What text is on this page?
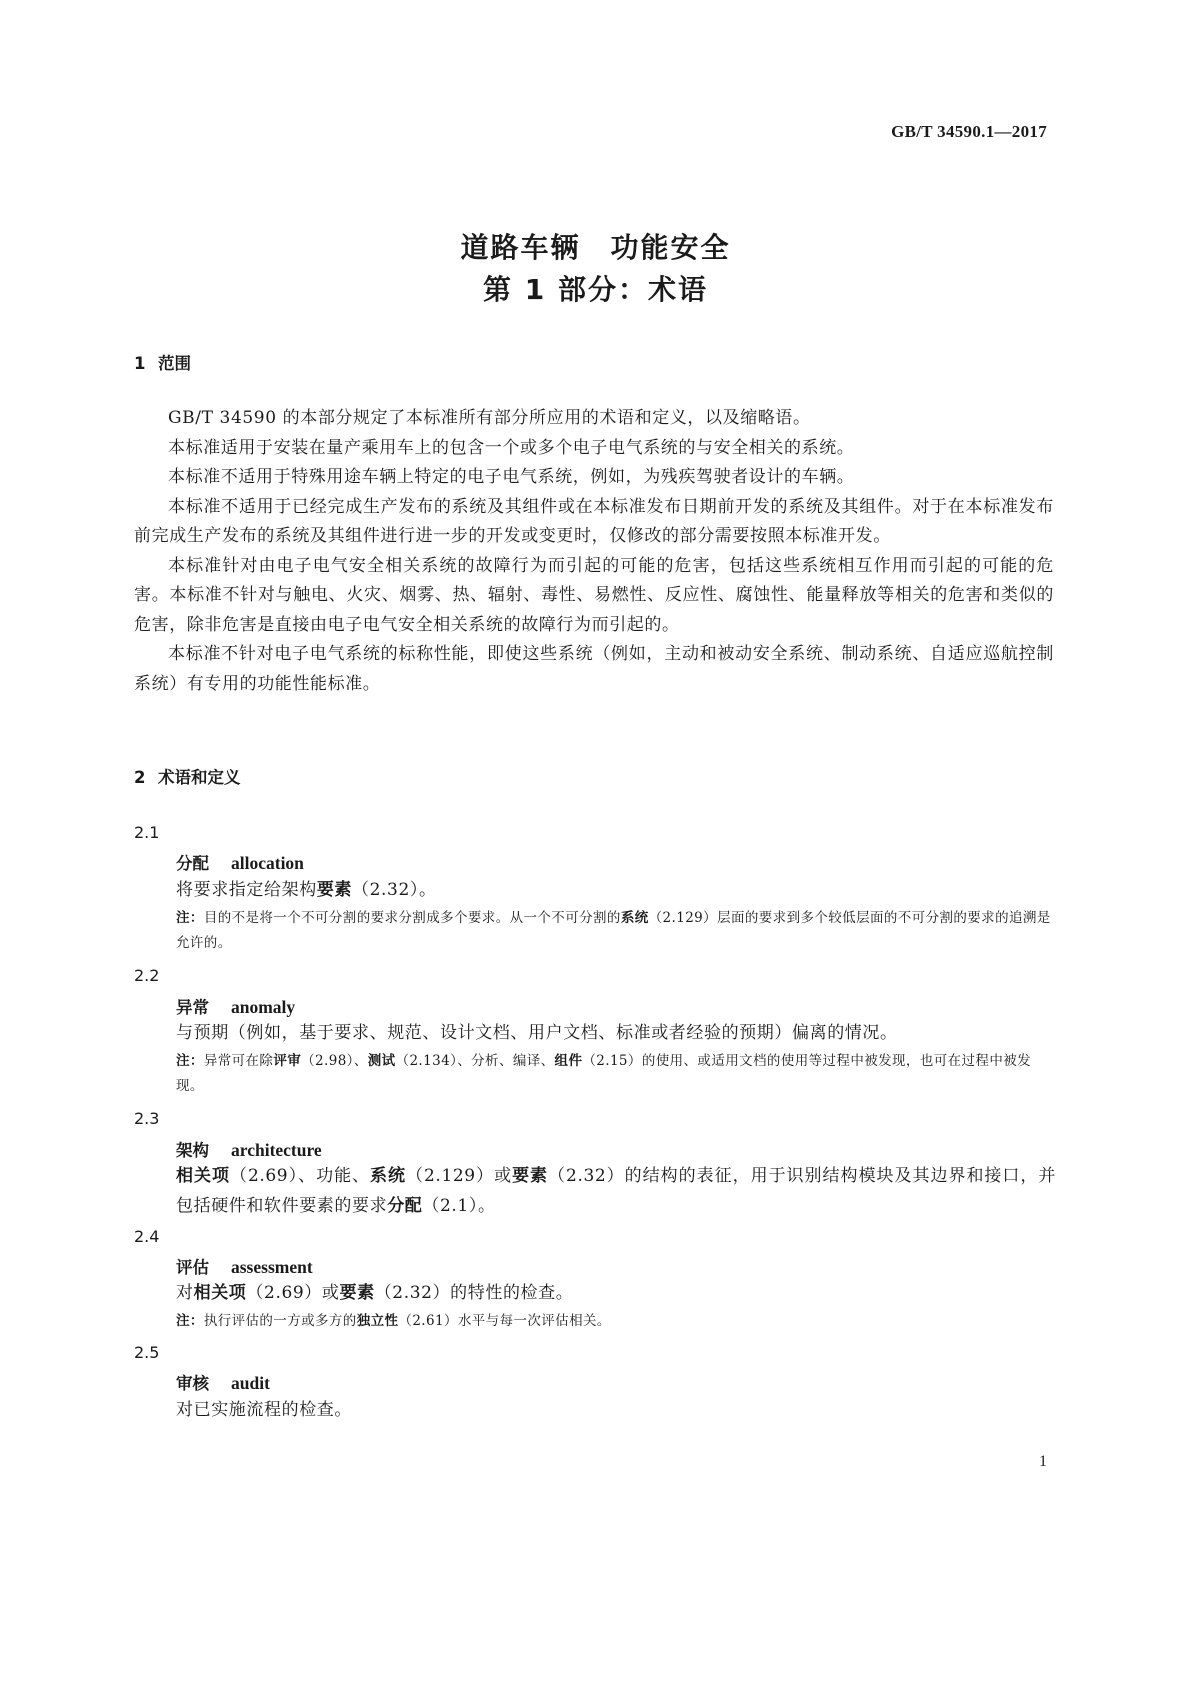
GB/T 34590.1—2017
道路车辆　功能安全
第 1 部分：术语
1 范围

GB/T 34590 的本部分规定了本标准所有部分所应用的术语和定义，以及缩略语。

本标准适用于安装在量产乘用车上的包含一个或多个电子电气系统的与安全相关的系统。

本标准不适用于特殊用途车辆上特定的电子电气系统，例如，为残疾驾驶者设计的车辆。

本标准不适用于已经完成生产发布的系统及其组件或在本标准发布日期前开发的系统及其组件。对于在本标准发布前完成生产发布的系统及其组件进行进一步的开发或变更时，仅修改的部分需要按照本标准开发。

本标准针对由电子电气安全相关系统的故障行为而引起的可能的危害，包括这些系统相互作用而引起的可能的危害。本标准不针对与触电、火灾、烟雾、热、辐射、毒性、易燃性、反应性、腐蚀性、能量释放等相关的危害和类似的危害，除非危害是直接由电子电气安全相关系统的故障行为而引起的。

本标准不针对电子电气系统的标称性能，即使这些系统（例如，主动和被动安全系统、制动系统、自适应巡航控制系统）有专用的功能性能标准。

2 术语和定义
2.1
分配 allocation
将要求指定给架构要素（2.32）。
注：目的不是将一个不可分割的要求分割成多个要求。从一个不可分割的系统（2.129）层面的要求到多个较低层面的不可分割的要求的追溯是允许的。
2.2
异常 anomaly
与预期（例如，基于要求、规范、设计文档、用户文档、标准或者经验的预期）偏离的情况。
注：异常可在除评审（2.98）、测试（2.134）、分析、编译、组件（2.15）的使用、或适用文档的使用等过程中被发现，也可在过程中被发现。
2.3
架构 architecture
相关项（2.69）、功能、系统（2.129）或要素（2.32）的结构的表征，用于识别结构模块及其边界和接口，并包括硬件和软件要素的要求分配（2.1）。
2.4
评估 assessment
对相关项（2.69）或要素（2.32）的特性的检查。
注：执行评估的一方或多方的独立性（2.61）水平与每一次评估相关。
2.5
审核 audit
对已实施流程的检查。
1
